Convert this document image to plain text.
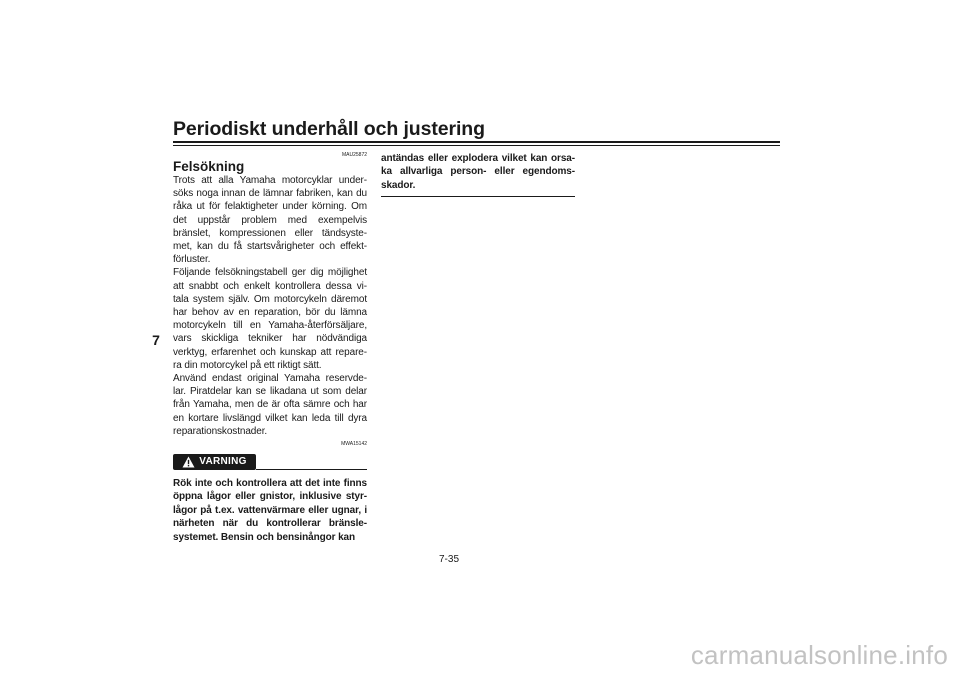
Periodiskt underhåll och justering
7
MAU25872
Felsökning

Trots att alla Yamaha motorcyklar under-söks noga innan de lämnar fabriken, kan du råka ut för felaktigheter under körning. Om det uppstår problem med exempelvis bränslet, kompressionen eller tändsyste-met, kan du få startsvårigheter och effekt-förluster.

Följande felsökningstabell ger dig möjlighet att snabbt och enkelt kontrollera dessa vi-tala system själv. Om motorcykeln däremot har behov av en reparation, bör du lämna motorcykeln till en Yamaha-återförsäljare, vars skickliga tekniker har nödvändiga verktyg, erfarenhet och kunskap att repare-ra din motorcykel på ett riktigt sätt.

Använd endast original Yamaha reservde-lar. Piratdelar kan se likadana ut som delar från Yamaha, men de är ofta sämre och har en kortare livslängd vilket kan leda till dyra reparationskostnader.

MWA15142
VARNING

Rök inte och kontrollera att det inte finns öppna lågor eller gnistor, inklusive styr-lågor på t.ex. vattenvärmare eller ugnar, i närheten när du kontrollerar bränsle-systemet. Bensin och bensinångor kan

antändas eller explodera vilket kan orsa-ka allvarliga person- eller egendoms-skador.

7-35
carmanualsonline.info
